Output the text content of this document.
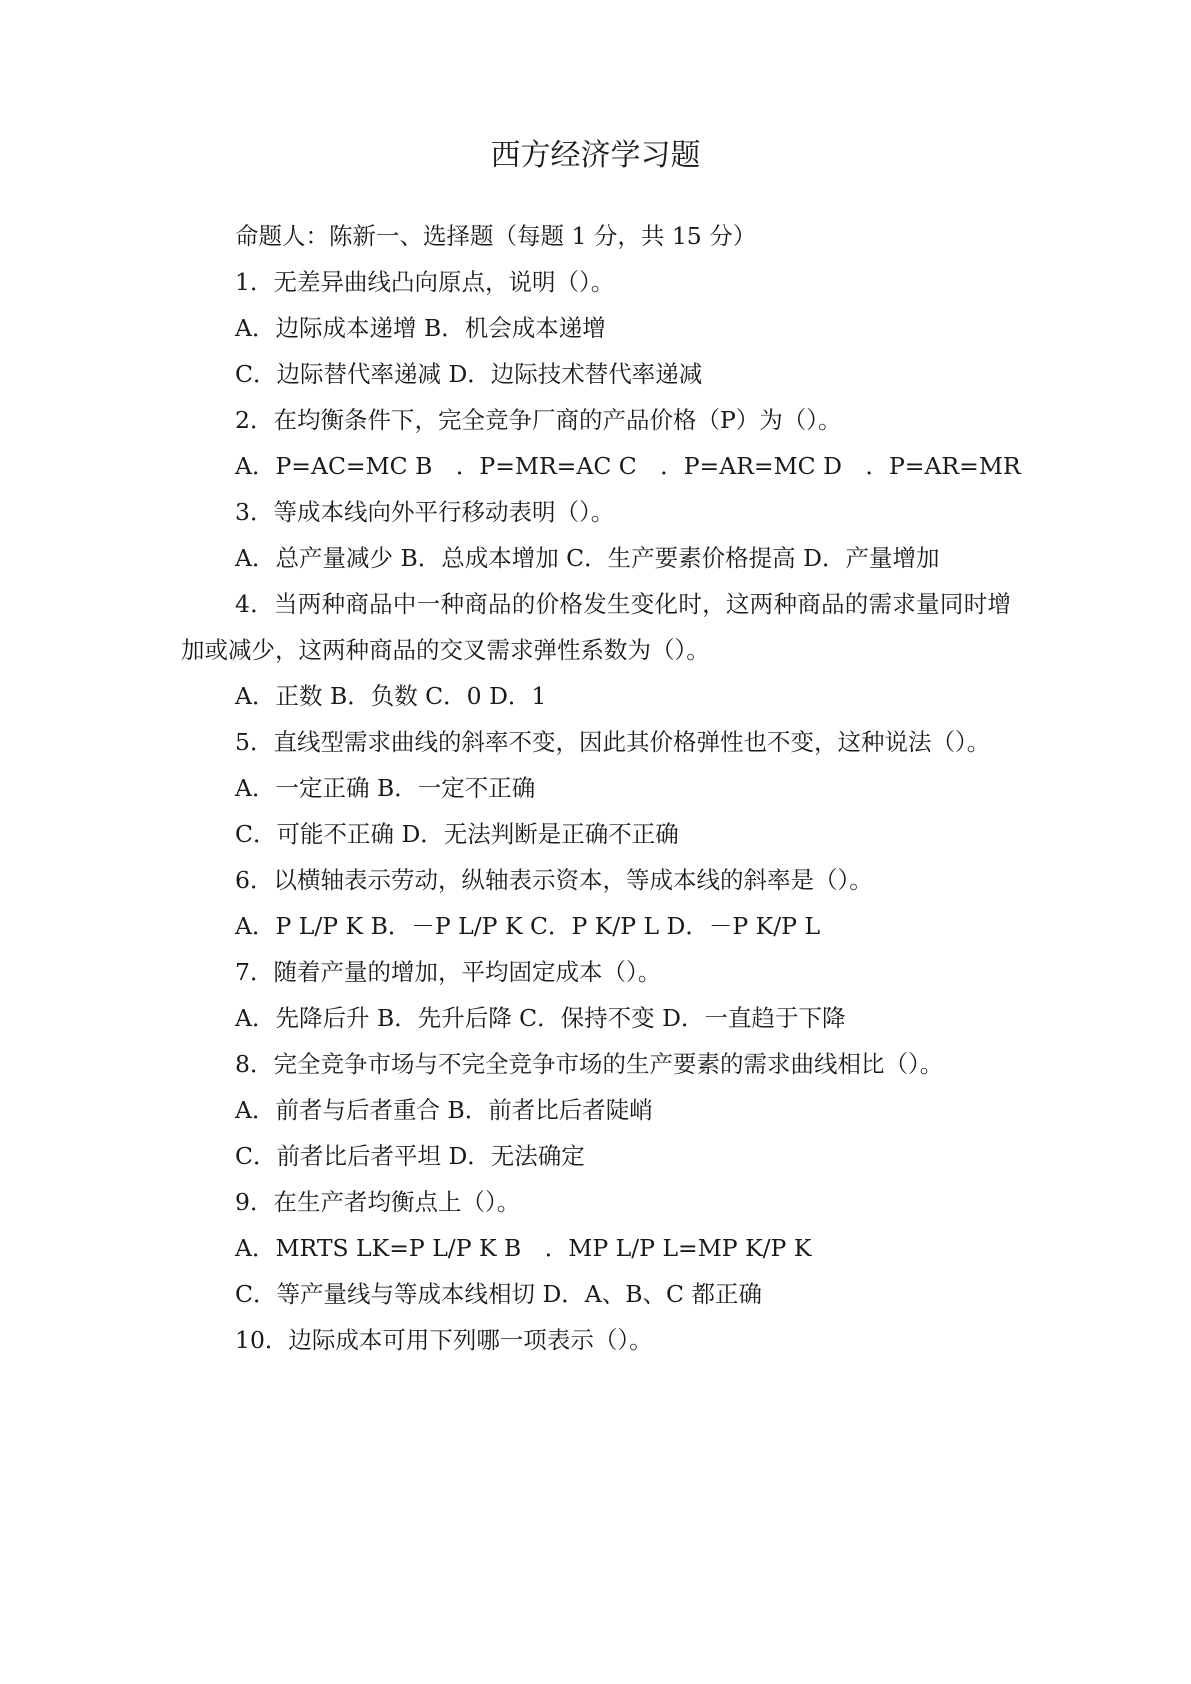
西方经济学习题

命题人：陈新一、选择题（每题 1 分，共 15 分）

1．无差异曲线凸向原点，说明（）。

A．边际成本递增 B．机会成本递增

C．边际替代率递减 D．边际技术替代率递减

2．在均衡条件下，完全竞争厂商的产品价格（P）为（）。

A．P=AC=MC B　．P=MR=AC C　．P=AR=MC D　．P=AR=MR

3．等成本线向外平行移动表明（）。

A．总产量减少 B．总成本增加 C．生产要素价格提高 D．产量增加

4．当两种商品中一种商品的价格发生变化时，这两种商品的需求量同时增加或减少，这两种商品的交叉需求弹性系数为（）。

A．正数 B．负数 C．0 D．1

5．直线型需求曲线的斜率不变，因此其价格弹性也不变，这种说法（）。

A．一定正确 B．一定不正确

C．可能不正确 D．无法判断是正确不正确

6．以横轴表示劳动，纵轴表示资本，等成本线的斜率是（）。

A．P L/P K B．－P L/P K C．P K/P L D．－P K/P L

7．随着产量的增加，平均固定成本（）。

A．先降后升 B．先升后降 C．保持不变 D．一直趋于下降

8．完全竞争市场与不完全竞争市场的生产要素的需求曲线相比（）。

A．前者与后者重合 B．前者比后者陡峭

C．前者比后者平坦 D．无法确定

9．在生产者均衡点上（）。

A．MRTS LK=P L/P K B　．MP L/P L=MP K/P K

C．等产量线与等成本线相切 D．A、B、C 都正确

10．边际成本可用下列哪一项表示（）。
